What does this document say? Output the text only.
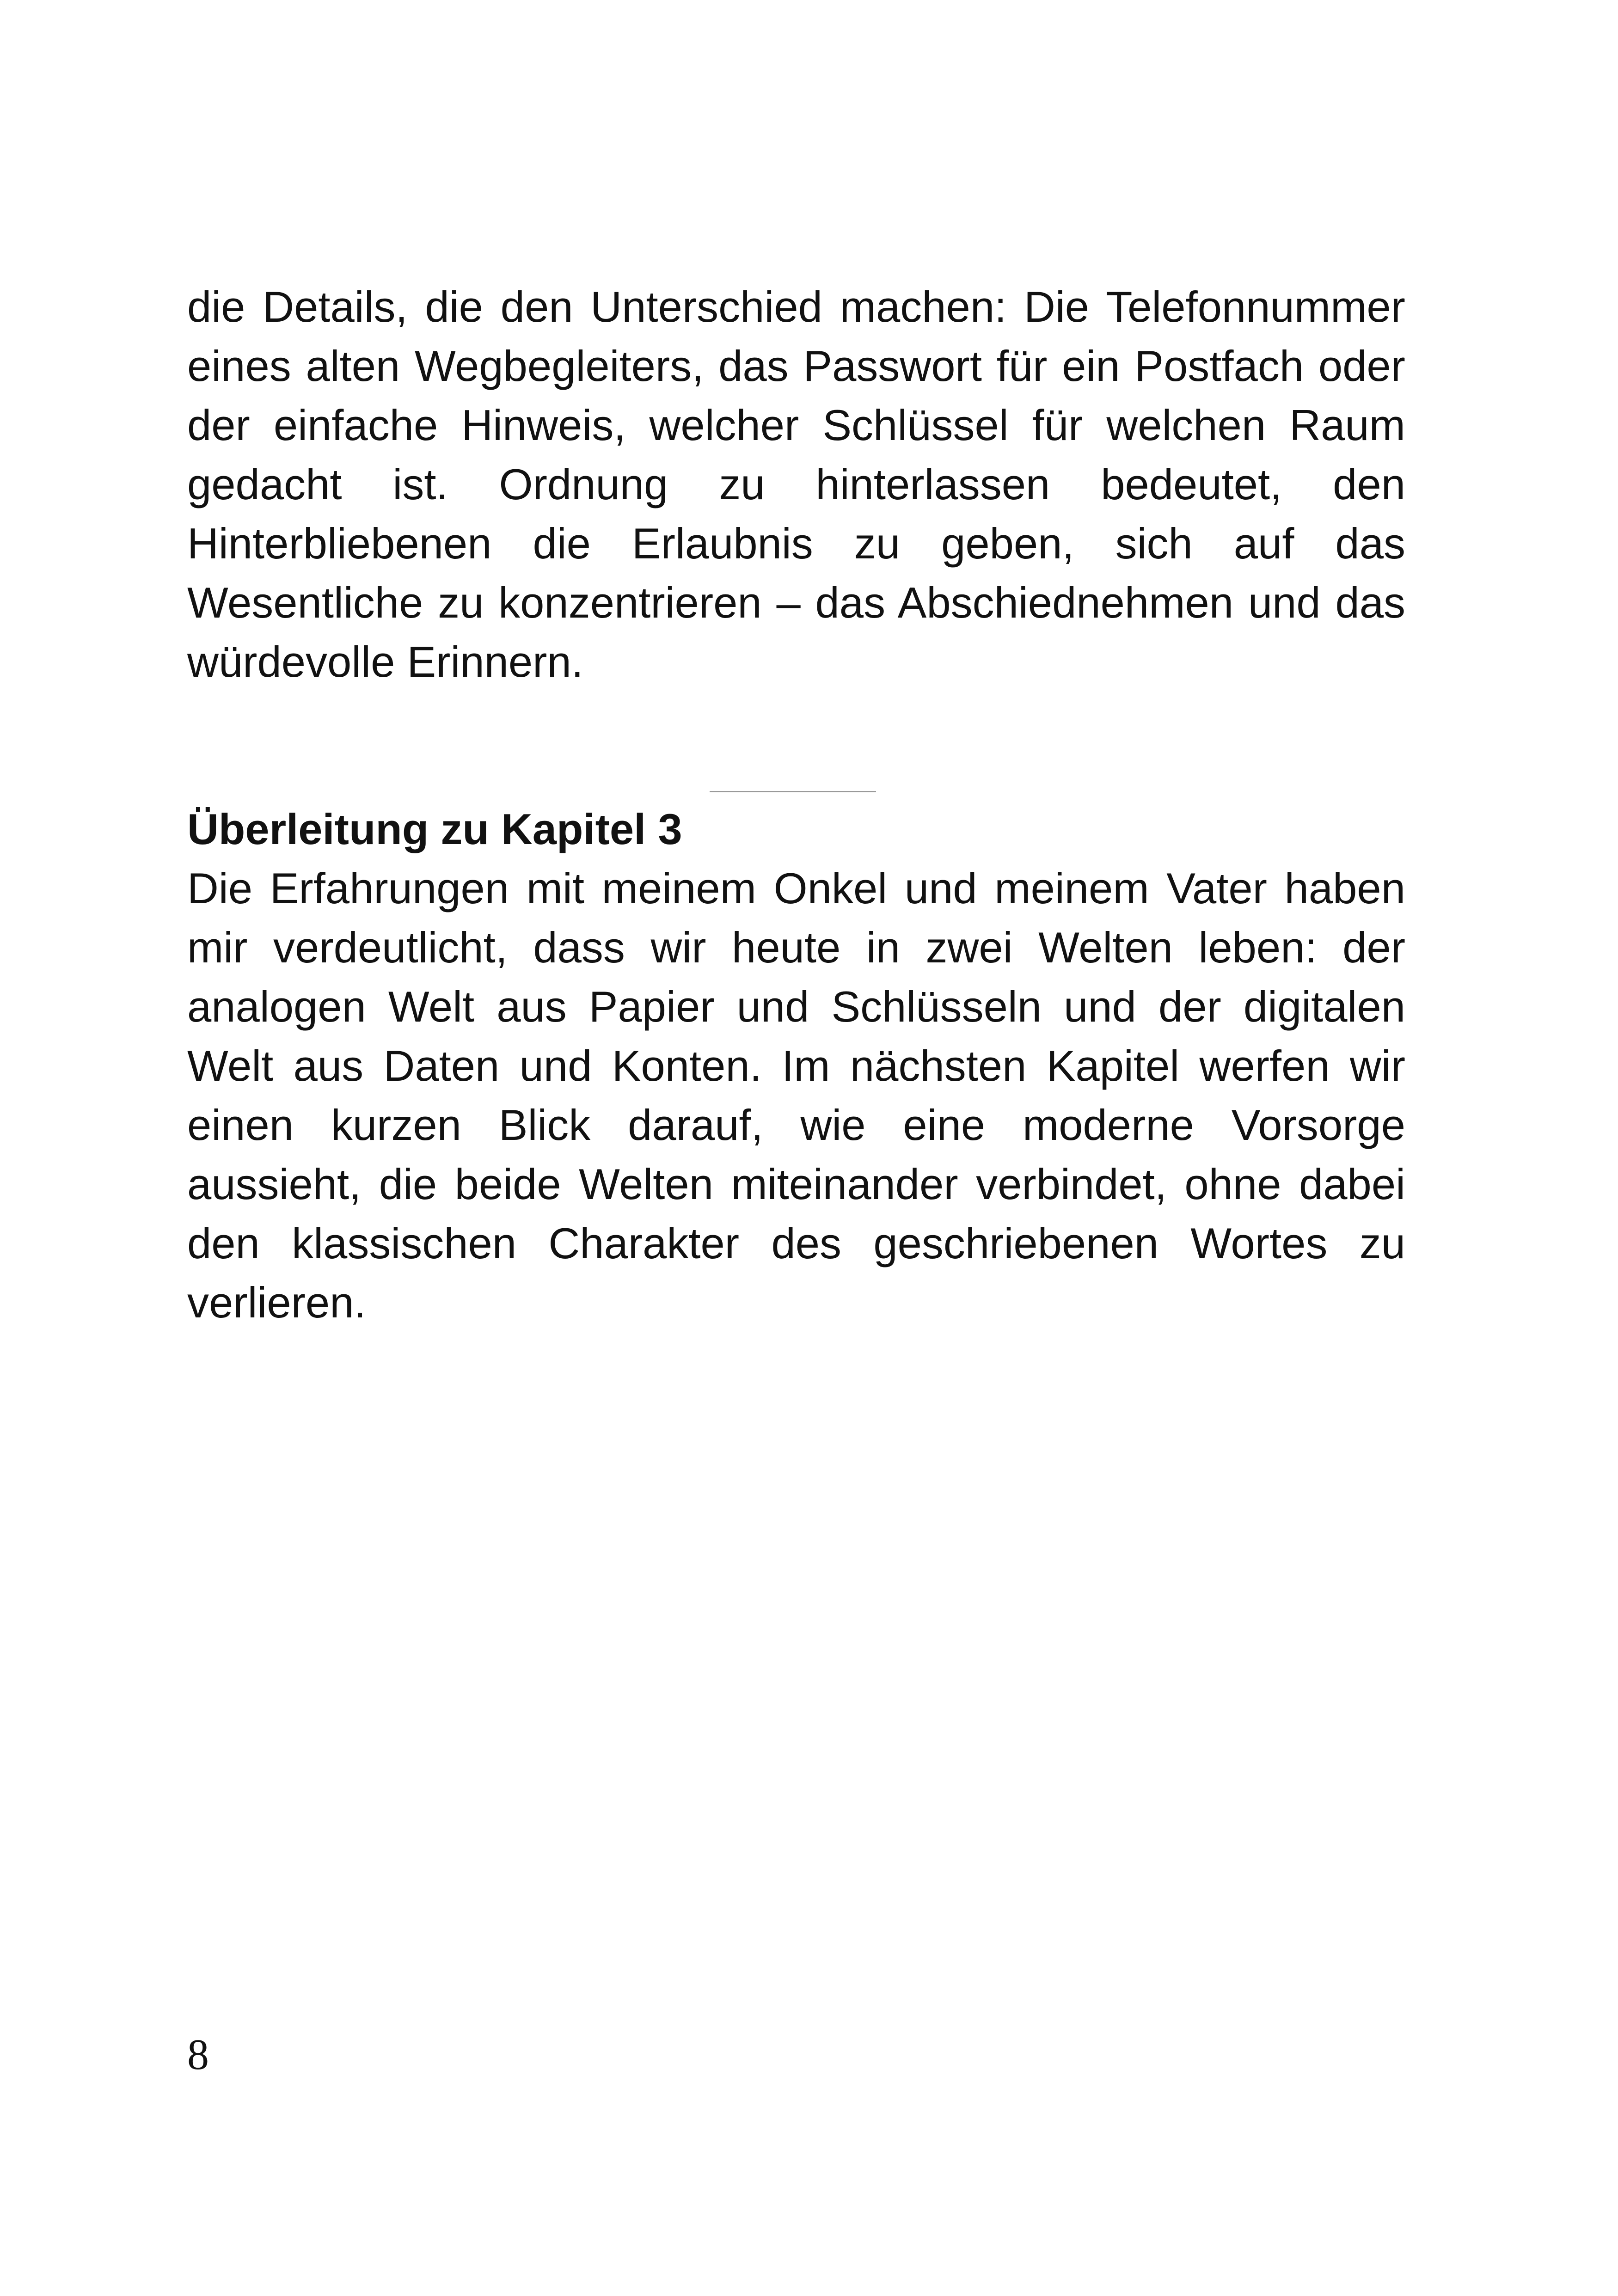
die Details, die den Unterschied machen: Die Telefonnummer eines alten Wegbegleiters, das Passwort für ein Postfach oder der einfache Hinweis, welcher Schlüssel für welchen Raum gedacht ist. Ordnung zu hinterlassen bedeutet, den Hinterbliebenen die Erlaubnis zu geben, sich auf das Wesentliche zu konzentrieren – das Abschiednehmen und das würdevolle Erinnern.

Überleitung zu Kapitel 3

Die Erfahrungen mit meinem Onkel und meinem Vater haben mir verdeutlicht, dass wir heute in zwei Welten leben: der analogen Welt aus Papier und Schlüsseln und der digitalen Welt aus Daten und Konten. Im nächsten Kapitel werfen wir einen kurzen Blick darauf, wie eine moderne Vorsorge aussieht, die beide Welten miteinander verbindet, ohne dabei den klassischen Charakter des geschriebenen Wortes zu verlieren.

8
